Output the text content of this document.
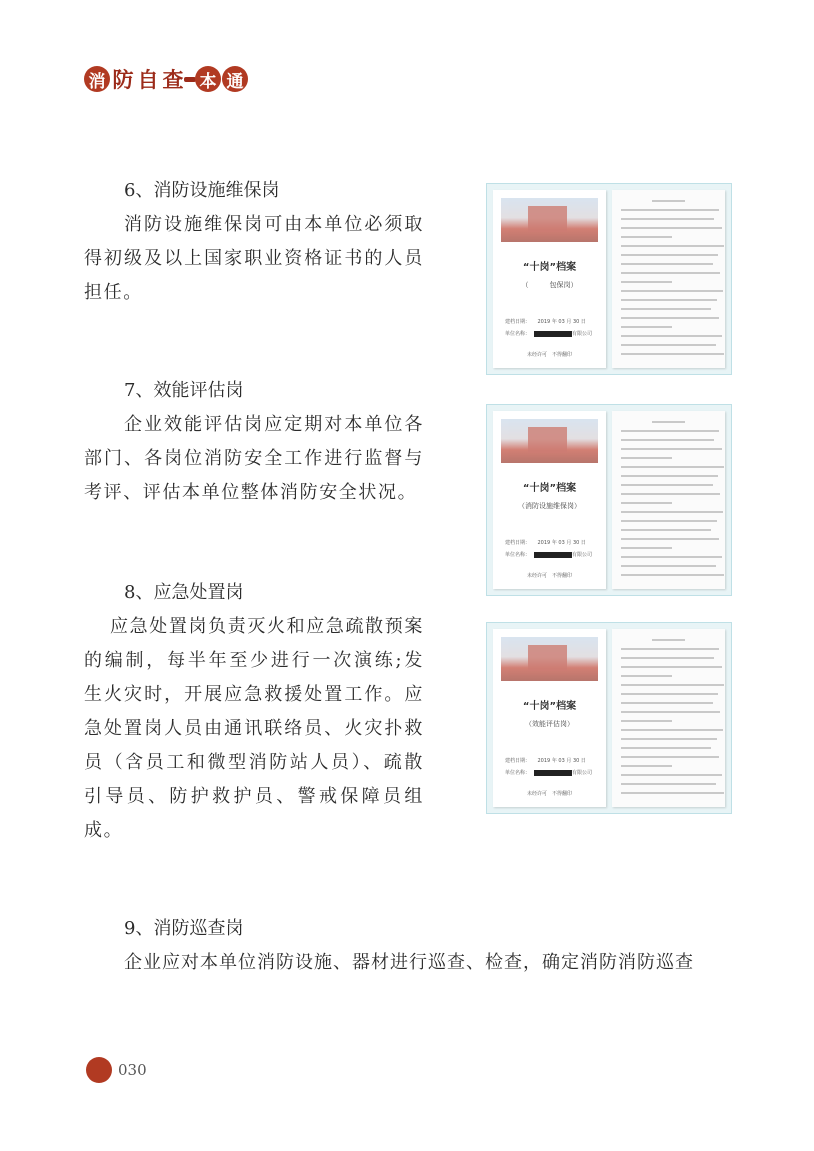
消 防 自 查 本 通
6、消防设施维保岗

消防设施维保岗可由本单位必须取得初级及以上国家职业资格证书的人员担任。

7、效能评估岗

企业效能评估岗应定期对本单位各部门、各岗位消防安全工作进行监督与考评、评估本单位整体消防安全状况。

8、应急处置岗

应急处置岗负责灭火和应急疏散预案的编制，每半年至少进行一次演练;发生火灾时，开展应急救援处置工作。应急处置岗人员由通讯联络员、火灾扑救员（含员工和微型消防站人员）、疏散引导员、防护救护员、警戒保障员组成。

9、消防巡查岗

企业应对本单位消防设施、器材进行巡查、检查，确定消防消防巡查

“十岗”档案
（　　　包保岗）
建档日期：　　2019 年 03 月 30 日
单位名称：	有限公司
未经许可　不得翻印
“十岗”档案
（消防设施维保岗）
建档日期：　　2019 年 03 月 30 日
单位名称：	有限公司
未经许可　不得翻印
“十岗”档案
（效能评估岗）
建档日期：　　2019 年 03 月 30 日
单位名称：	有限公司
未经许可　不得翻印
030
